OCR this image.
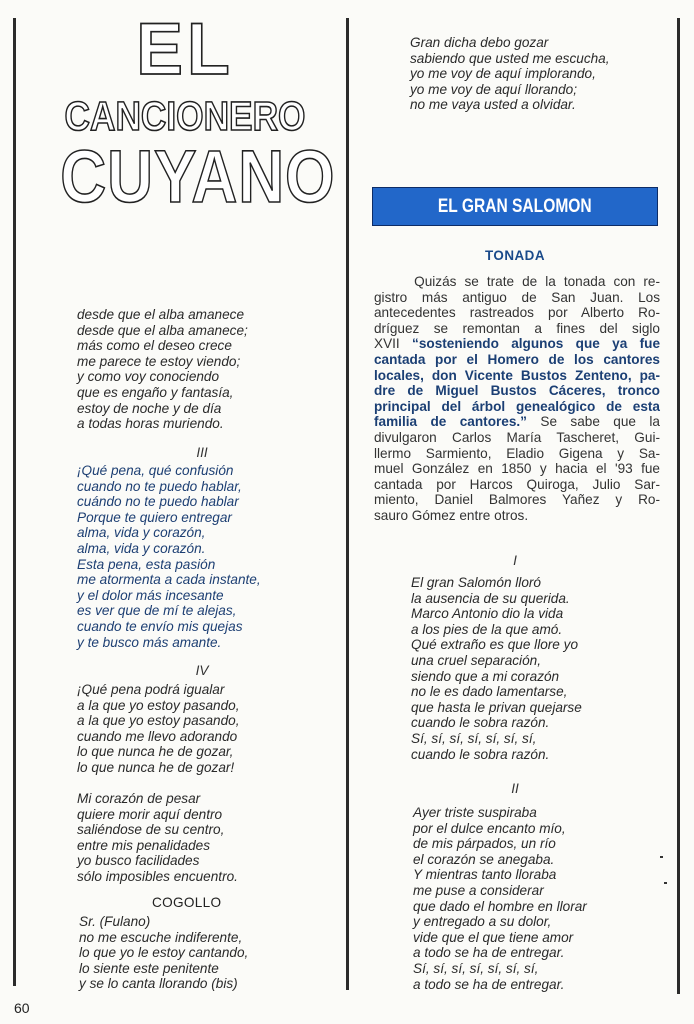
EL
CANCIONERO
CUYANO
desde que el alba amanece
desde que el alba amanece;
más como el deseo crece
me parece te estoy viendo;
y como voy conociendo
que es engaño y fantasía,
estoy de noche y de día
a todas horas muriendo.
III
¡Qué pena, qué confusión
cuando no te puedo hablar,
cuándo no te puedo hablar
Porque te quiero entregar
alma, vida y corazón,
alma, vida y corazón.
Esta pena, esta pasión
me atormenta a cada instante,
y el dolor más incesante
es ver que de mí te alejas,
cuando te envío mis quejas
y te busco más amante.
IV
¡Qué pena podrá igualar
a la que yo estoy pasando,
a la que yo estoy pasando,
cuando me llevo adorando
lo que nunca he de gozar,
lo que nunca he de gozar!
Mi corazón de pesar
quiere morir aquí dentro
saliéndose de su centro,
entre mis penalidades
yo busco facilidades
sólo imposibles encuentro.
COGOLLO
Sr. (Fulano)
no me escuche indiferente,
lo que yo le estoy cantando,
lo siente este penitente
y se lo canta llorando (bis)
60
Gran dicha debo gozar
sabiendo que usted me escucha,
yo me voy de aquí implorando,
yo me voy de aquí llorando;
no me vaya usted a olvidar.
EL GRAN SALOMON
TONADA
Quizás se trate de la tonada con re-
gistro más antiguo de San Juan. Los
antecedentes rastreados por Alberto Ro-
dríguez se remontan a fines del siglo
XVII “sosteniendo algunos que ya fue
cantada por el Homero de los cantores
locales, don Vicente Bustos Zenteno, pa-
dre de Miguel Bustos Cáceres, tronco
principal del árbol genealógico de esta
familia de cantores.” Se sabe que la
divulgaron Carlos María Tascheret, Gui-
llermo Sarmiento, Eladio Gigena y Sa-
muel González en 1850 y hacia el '93 fue
cantada por Harcos Quiroga, Julio Sar-
miento, Daniel Balmores Yañez y Ro-
sauro Gómez entre otros.
I
El gran Salomón lloró
la ausencia de su querida.
Marco Antonio dio la vida
a los pies de la que amó.
Qué extraño es que llore yo
una cruel separación,
siendo que a mi corazón
no le es dado lamentarse,
que hasta le privan quejarse
cuando le sobra razón.
Sí, sí, sí, sí, sí, sí, sí,
cuando le sobra razón.
II
Ayer triste suspiraba
por el dulce encanto mío,
de mis párpados, un río
el corazón se anegaba.
Y mientras tanto lloraba
me puse a considerar
que dado el hombre en llorar
y entregado a su dolor,
vide que el que tiene amor
a todo se ha de entregar.
Sí, sí, sí, sí, sí, sí, sí,
a todo se ha de entregar.
